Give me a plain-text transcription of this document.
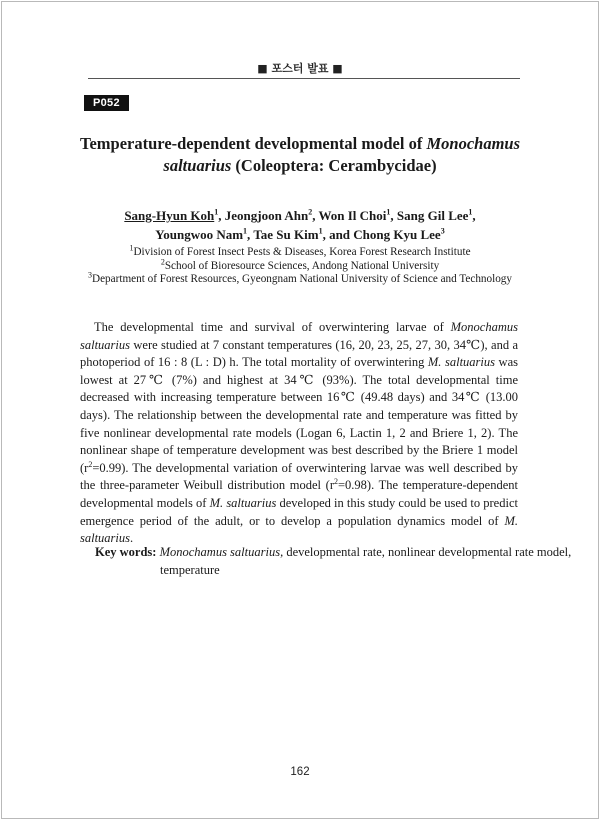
■ 포스터 발표 ■
P052
Temperature-dependent developmental model of Monochamus saltuarius (Coleoptera: Cerambycidae)
Sang-Hyun Koh$^1$, Jeongjoon Ahn$^2$, Won Il Choi$^1$, Sang Gil Lee$^1$,
Youngwoo Nam$^1$, Tae Su Kim$^1$, and Chong Kyu Lee$^3$
$^1$Division of Forest Insect Pests & Diseases, Korea Forest Research Institute
$^2$School of Bioresource Sciences, Andong National University
$^3$Department of Forest Resources, Gyeongnam National University of Science and Technology

The developmental time and survival of overwintering larvae of Monochamus saltuarius were studied at 7 constant temperatures (16, 20, 23, 25, 27, 30, 34℃), and a photoperiod of 16 : 8 (L : D) h. The total mortality of overwintering M. saltuarius was lowest at 27℃ (7%) and highest at 34℃ (93%). The total developmental time decreased with increasing temperature between 16℃ (49.48 days) and 34℃ (13.00 days). The relationship between the developmental rate and temperature was fitted by five nonlinear developmental rate models (Logan 6, Lactin 1, 2 and Briere 1, 2). The nonlinear shape of temperature development was best described by the Briere 1 model $(r^2=0.99)$. The developmental variation of overwintering larvae was well described by the three-parameter Weibull distribution model $(r^2=0.98)$. The temperature-dependent developmental models of M. saltuarius developed in this study could be used to predict emergence period of the adult, or to develop a population dynamics model of M. saltuarius.

Key words: Monochamus saltuarius, developmental rate, nonlinear developmental rate model, temperature
162
